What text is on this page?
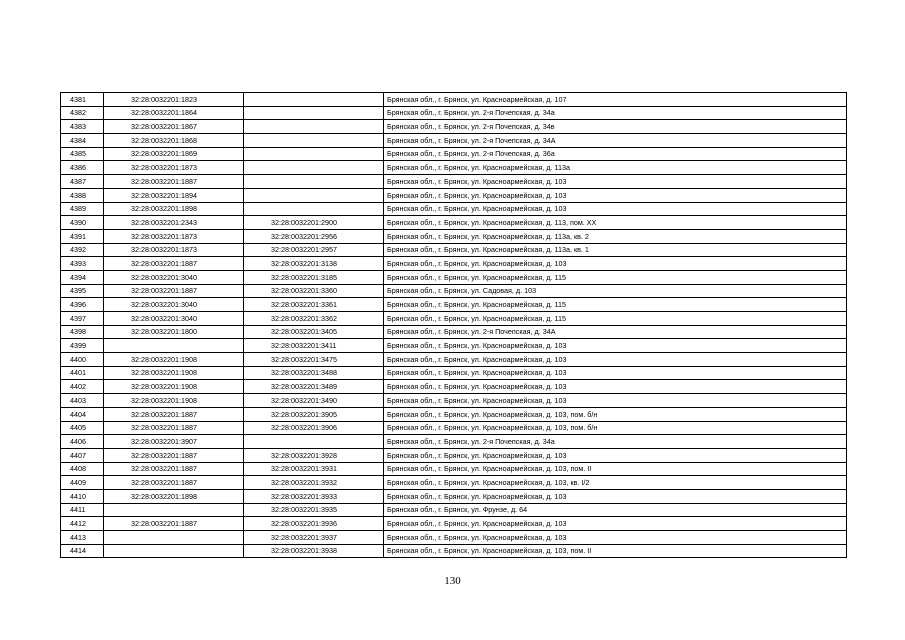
4381	32:28:0032201:1823		Брянская обл., г. Брянск, ул. Красноармейская, д. 107
4382	32:28:0032201:1864		Брянская обл., г. Брянск, ул. 2-я Почепская, д. 34а
4383	32:28:0032201:1867		Брянская обл., г. Брянск, ул. 2-я Почепская, д. 34в
4384	32:28:0032201:1868		Брянская обл., г. Брянск, ул. 2-я Почепская, д. 34А
4385	32:28:0032201:1869		Брянская обл., г. Брянск, ул. 2-я Почепская, д. 36а
4386	32:28:0032201:1873		Брянская обл., г. Брянск, ул. Красноармейская, д. 113а
4387	32:28:0032201:1887		Брянская обл., г. Брянск, ул. Красноармейская, д. 103
4388	32:28:0032201:1894		Брянская обл., г. Брянск, ул. Красноармейская, д. 103
4389	32:28:0032201:1898		Брянская обл., г. Брянск, ул. Красноармейская, д. 103
4390	32:28:0032201:2343	32:28:0032201:2900	Брянская обл., г. Брянск, ул. Красноармейская, д. 113, пом. XX
4391	32:28:0032201:1873	32:28:0032201:2956	Брянская обл., г. Брянск, ул. Красноармейская, д. 113а, кв. 2
4392	32:28:0032201:1873	32:28:0032201:2957	Брянская обл., г. Брянск, ул. Красноармейская, д. 113а, кв. 1
4393	32:28:0032201:1887	32:28:0032201:3138	Брянская обл., г. Брянск, ул. Красноармейская, д. 103
4394	32:28:0032201:3040	32:28:0032201:3185	Брянская обл., г. Брянск, ул. Красноармейская, д. 115
4395	32:28:0032201:1887	32:28:0032201:3360	Брянская обл., г. Брянск, ул. Садовая, д. 103
4396	32:28:0032201:3040	32:28:0032201:3361	Брянская обл., г. Брянск, ул. Красноармейская, д. 115
4397	32:28:0032201:3040	32:28:0032201:3362	Брянская обл., г. Брянск, ул. Красноармейская, д. 115
4398	32:28:0032201:1800	32:28:0032201:3405	Брянская обл., г. Брянск, ул. 2-я Почепская, д. 34А
4399		32:28:0032201:3411	Брянская обл., г. Брянск, ул. Красноармейская, д. 103
4400	32:28:0032201:1908	32:28:0032201:3475	Брянская обл., г. Брянск, ул. Красноармейская, д. 103
4401	32:28:0032201:1908	32:28:0032201:3488	Брянская обл., г. Брянск, ул. Красноармейская, д. 103
4402	32:28:0032201:1908	32:28:0032201:3489	Брянская обл., г. Брянск, ул. Красноармейская, д. 103
4403	32:28:0032201:1908	32:28:0032201:3490	Брянская обл., г. Брянск, ул. Красноармейская, д. 103
4404	32:28:0032201:1887	32:28:0032201:3905	Брянская обл., г. Брянск, ул. Красноармейская, д. 103, пом. б/н
4405	32:28:0032201:1887	32:28:0032201:3906	Брянская обл., г. Брянск, ул. Красноармейская, д. 103, пом. б/н
4406	32:28:0032201:3907		Брянская обл., г. Брянск, ул. 2-я Почепская, д. 34а
4407	32:28:0032201:1887	32:28:0032201:3928	Брянская обл., г. Брянск, ул. Красноармейская, д. 103
4408	32:28:0032201:1887	32:28:0032201:3931	Брянская обл., г. Брянск, ул. Красноармейская, д. 103, пом. II
4409	32:28:0032201:1887	32:28:0032201:3932	Брянская обл., г. Брянск, ул. Красноармейская, д. 103, кв. I/2
4410	32:28:0032201:1898	32:28:0032201:3933	Брянская обл., г. Брянск, ул. Красноармейская, д. 103
4411		32:28:0032201:3935	Брянская обл., г. Брянск, ул. Фрунзе, д. 64
4412	32:28:0032201:1887	32:28:0032201:3936	Брянская обл., г. Брянск, ул. Красноармейская, д. 103
4413		32:28:0032201:3937	Брянская обл., г. Брянск, ул. Красноармейская, д. 103
4414		32:28:0032201:3938	Брянская обл., г. Брянск, ул. Красноармейская, д. 103, пом. II
130
